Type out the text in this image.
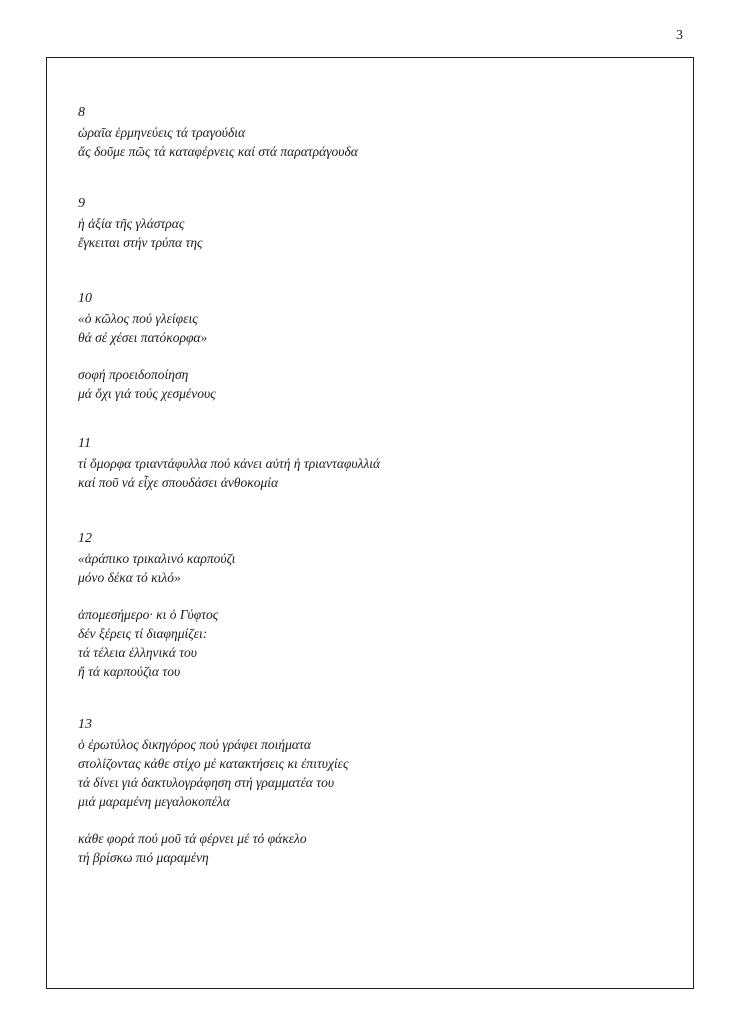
3
8
ὡραῖα ἑρμηνεύεις τά τραγούδια
ἄς δοῦμε πῶς τά καταφέρνεις καί στά παρατράγουδα
9
ἡ ἀξία τῆς γλάστρας
ἔγκειται στήν τρύπα της
10
«ὁ κῶλος πού γλείφεις
θά σέ χέσει πατόκορφα»
σοφή προειδοποίηση
μά ὄχι γιά τούς χεσμένους
11
τί ὄμορφα τριαντάφυλλα πού κάνει αὐτή ἡ τριανταφυλλιά
καί ποῦ νά εἶχε σπουδάσει ἀνθοκομία
12
«ἀράπικο τρικαλινό καρπούζι
μόνο δέκα τό κιλό»
ἀπομεσήμερο· κι ὁ Γύφτος
δέν ξέρεις τί διαφημίζει:
τά τέλεια ἑλληνικά του
ἤ τά καρπούζια του
13
ὁ ἐρωτύλος δικηγόρος πού γράφει ποιήματα
στολίζοντας κάθε στίχο μέ κατακτήσεις κι ἐπιτυχίες
τά δίνει γιά δακτυλογράφηση στή γραμματέα του
μιά μαραμένη μεγαλοκοπέλα
κάθε φορά πού μοῦ τά φέρνει μέ τό φάκελο
τή βρίσκω πιό μαραμένη
